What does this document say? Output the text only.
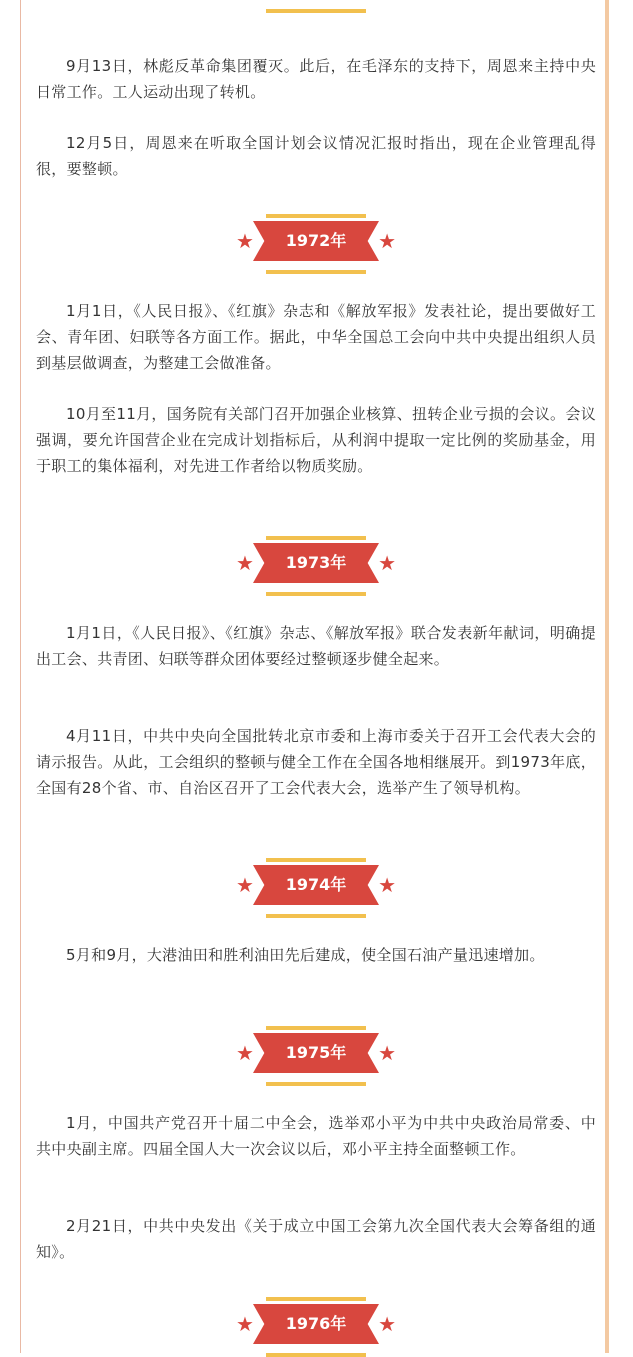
9月13日，林彪反革命集团覆灭。此后，在毛泽东的支持下，周恩来主持中央日常工作。工人运动出现了转机。

12月5日，周恩来在听取全国计划会议情况汇报时指出，现在企业管理乱得很，要整顿。

1972年
★	★

1月1日，《人民日报》、《红旗》杂志和《解放军报》发表社论，提出要做好工会、青年团、妇联等各方面工作。据此，中华全国总工会向中共中央提出组织人员到基层做调查，为整建工会做准备。

10月至11月，国务院有关部门召开加强企业核算、扭转企业亏损的会议。会议强调，要允许国营企业在完成计划指标后，从利润中提取一定比例的奖励基金，用于职工的集体福利，对先进工作者给以物质奖励。

1973年
★	★

1月1日，《人民日报》、《红旗》杂志、《解放军报》联合发表新年献词，明确提出工会、共青团、妇联等群众团体要经过整顿逐步健全起来。

4月11日，中共中央向全国批转北京市委和上海市委关于召开工会代表大会的请示报告。从此，工会组织的整顿与健全工作在全国各地相继展开。到1973年底，全国有28个省、市、自治区召开了工会代表大会，选举产生了领导机构。

1974年
★	★

5月和9月，大港油田和胜利油田先后建成，使全国石油产量迅速增加。

1975年
★	★

1月，中国共产党召开十届二中全会，选举邓小平为中共中央政治局常委、中共中央副主席。四届全国人大一次会议以后，邓小平主持全面整顿工作。

2月21日，中共中央发出《关于成立中国工会第九次全国代表大会筹备组的通知》。

1976年
★	★
